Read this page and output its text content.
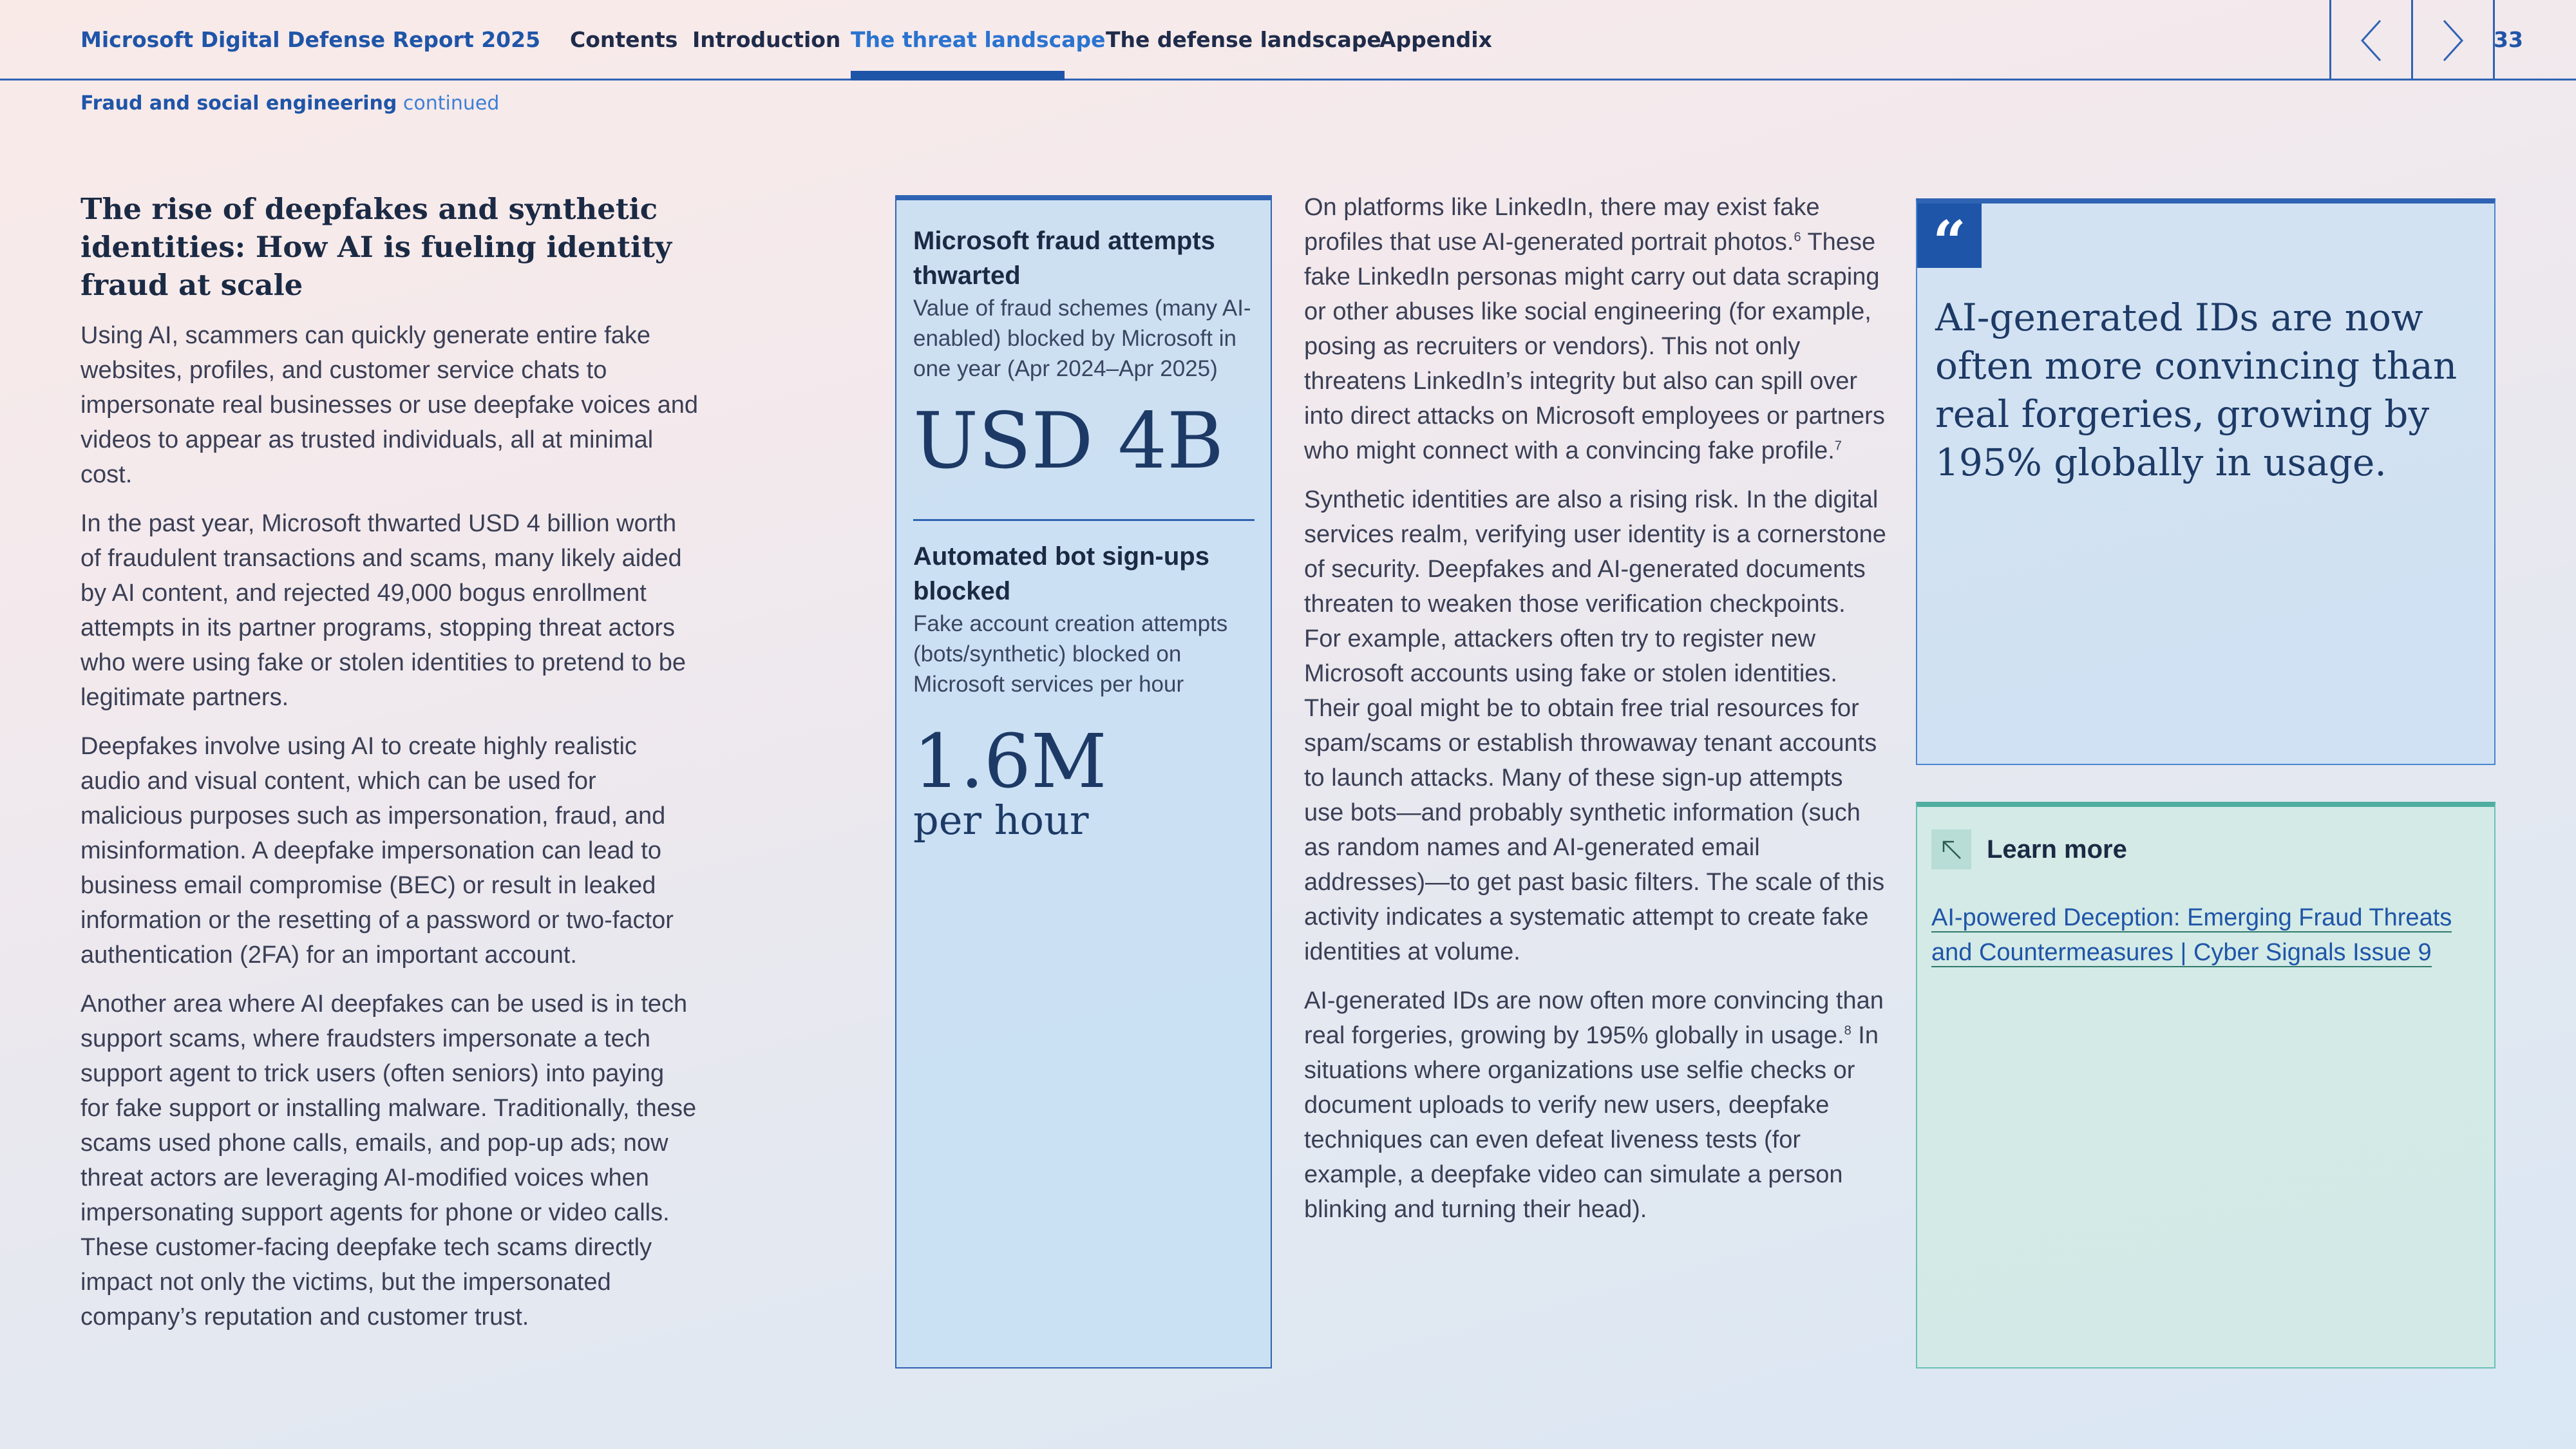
Microsoft Digital Defense Report 2025 Contents Introduction The threat landscape The defense landscape
Appendix	33
Fraud and social engineering continued
The rise of deepfakes and synthetic identities: How AI is fueling identity fraud at scale

Using AI, scammers can quickly generate entire fake websites, profiles, and customer service chats to impersonate real businesses or use deepfake voices and videos to appear as trusted individuals, all at minimal cost.

In the past year, Microsoft thwarted USD 4 billion worth of fraudulent transactions and scams, many likely aided by AI content, and rejected 49,000 bogus enrollment attempts in its partner programs, stopping threat actors who were using fake or stolen identities to pretend to be legitimate partners.

Deepfakes involve using AI to create highly realistic audio and visual content, which can be used for malicious purposes such as impersonation, fraud, and misinformation. A deepfake impersonation can lead to business email compromise (BEC) or result in leaked information or the resetting of a password or two-factor authentication (2FA) for an important account.

Another area where AI deepfakes can be used is in tech support scams, where fraudsters impersonate a tech support agent to trick users (often seniors) into paying for fake support or installing malware. Traditionally, these scams used phone calls, emails, and pop-up ads; now threat actors are leveraging AI-modified voices when impersonating support agents for phone or video calls. These customer-facing deepfake tech scams directly impact not only the victims, but the impersonated company’s reputation and customer trust.

Microsoft fraud attempts thwarted
Value of fraud schemes (many AI-enabled) blocked by Microsoft in one year (Apr 2024–Apr 2025)
USD 4B
Automated bot sign-ups blocked
Fake account creation attempts (bots/synthetic) blocked on Microsoft services per hour
1.6M
per hour

On platforms like LinkedIn, there may exist fake profiles that use AI-generated portrait photos.$^6$ These fake LinkedIn personas might carry out data scraping or other abuses like social engineering (for example, posing as recruiters or vendors). This not only threatens LinkedIn’s integrity but also can spill over into direct attacks on Microsoft employees or partners who might connect with a convincing fake profile.$^7$

Synthetic identities are also a rising risk. In the digital services realm, verifying user identity is a cornerstone of security. Deepfakes and AI-generated documents threaten to weaken those verification checkpoints. For example, attackers often try to register new Microsoft accounts using fake or stolen identities. Their goal might be to obtain free trial resources for spam/scams or establish throwaway tenant accounts to launch attacks. Many of these sign-up attempts use bots—and probably synthetic information (such as random names and AI-generated email addresses)—to get past basic filters. The scale of this activity indicates a systematic attempt to create fake identities at volume.

AI-generated IDs are now often more convincing than real forgeries, growing by 195% globally in usage.$^8$ In situations where organizations use selfie checks or document uploads to verify new users, deepfake techniques can even defeat liveness tests (for example, a deepfake video can simulate a person blinking and turning their head).

“
AI-generated IDs are now often more convincing than real forgeries, growing by 195% globally in usage.
Learn more
AI-powered Deception: Emerging Fraud Threats and Countermeasures | Cyber Signals Issue 9
